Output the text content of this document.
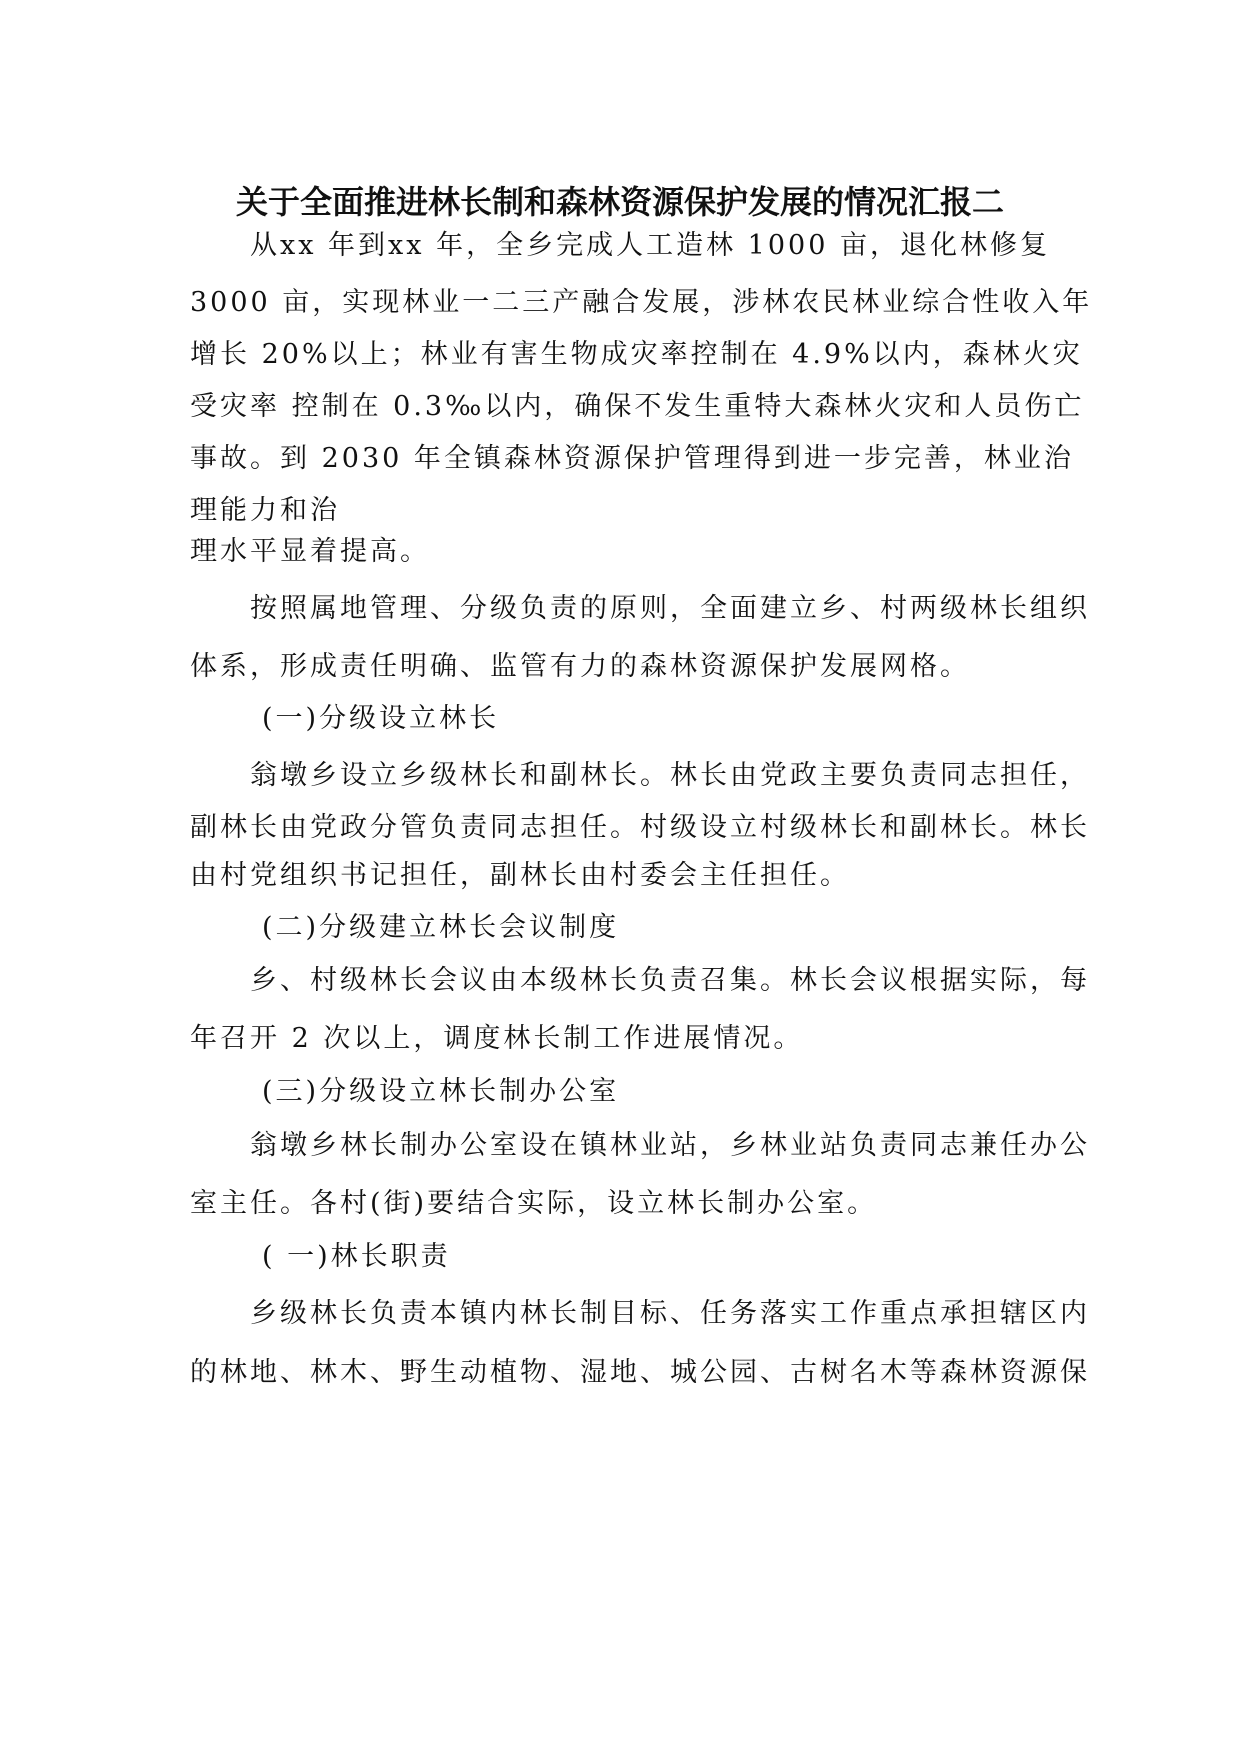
关于全面推进林长制和森林资源保护发展的情况汇报二
从xx 年到xx 年，全乡完成人工造林 1000 亩，退化林修复
3000 亩，实现林业一二三产融合发展，涉林农民林业综合性收入年
增长 20%以上；林业有害生物成灾率控制在 4.9%以内，森林火灾
受灾率 控制在 0.3‰以内，确保不发生重特大森林火灾和人员伤亡
事故。到 2030 年全镇森林资源保护管理得到进一步完善，林业治
理能力和治
理水平显着提高。
按照属地管理、分级负责的原则，全面建立乡、村两级林长组织
体系，形成责任明确、监管有力的森林资源保护发展网格。
(一)分级设立林长
翁墩乡设立乡级林长和副林长。林长由党政主要负责同志担任，
副林长由党政分管负责同志担任。村级设立村级林长和副林长。林长
由村党组织书记担任，副林长由村委会主任担任。
(二)分级建立林长会议制度
乡、村级林长会议由本级林长负责召集。林长会议根据实际，每
年召开 2 次以上，调度林长制工作进展情况。
(三)分级设立林长制办公室
翁墩乡林长制办公室设在镇林业站，乡林业站负责同志兼任办公
室主任。各村(街)要结合实际，设立林长制办公室。
( 一)林长职责
乡级林长负责本镇内林长制目标、任务落实工作重点承担辖区内
的林地、林木、野生动植物、湿地、城公园、古树名木等森林资源保
